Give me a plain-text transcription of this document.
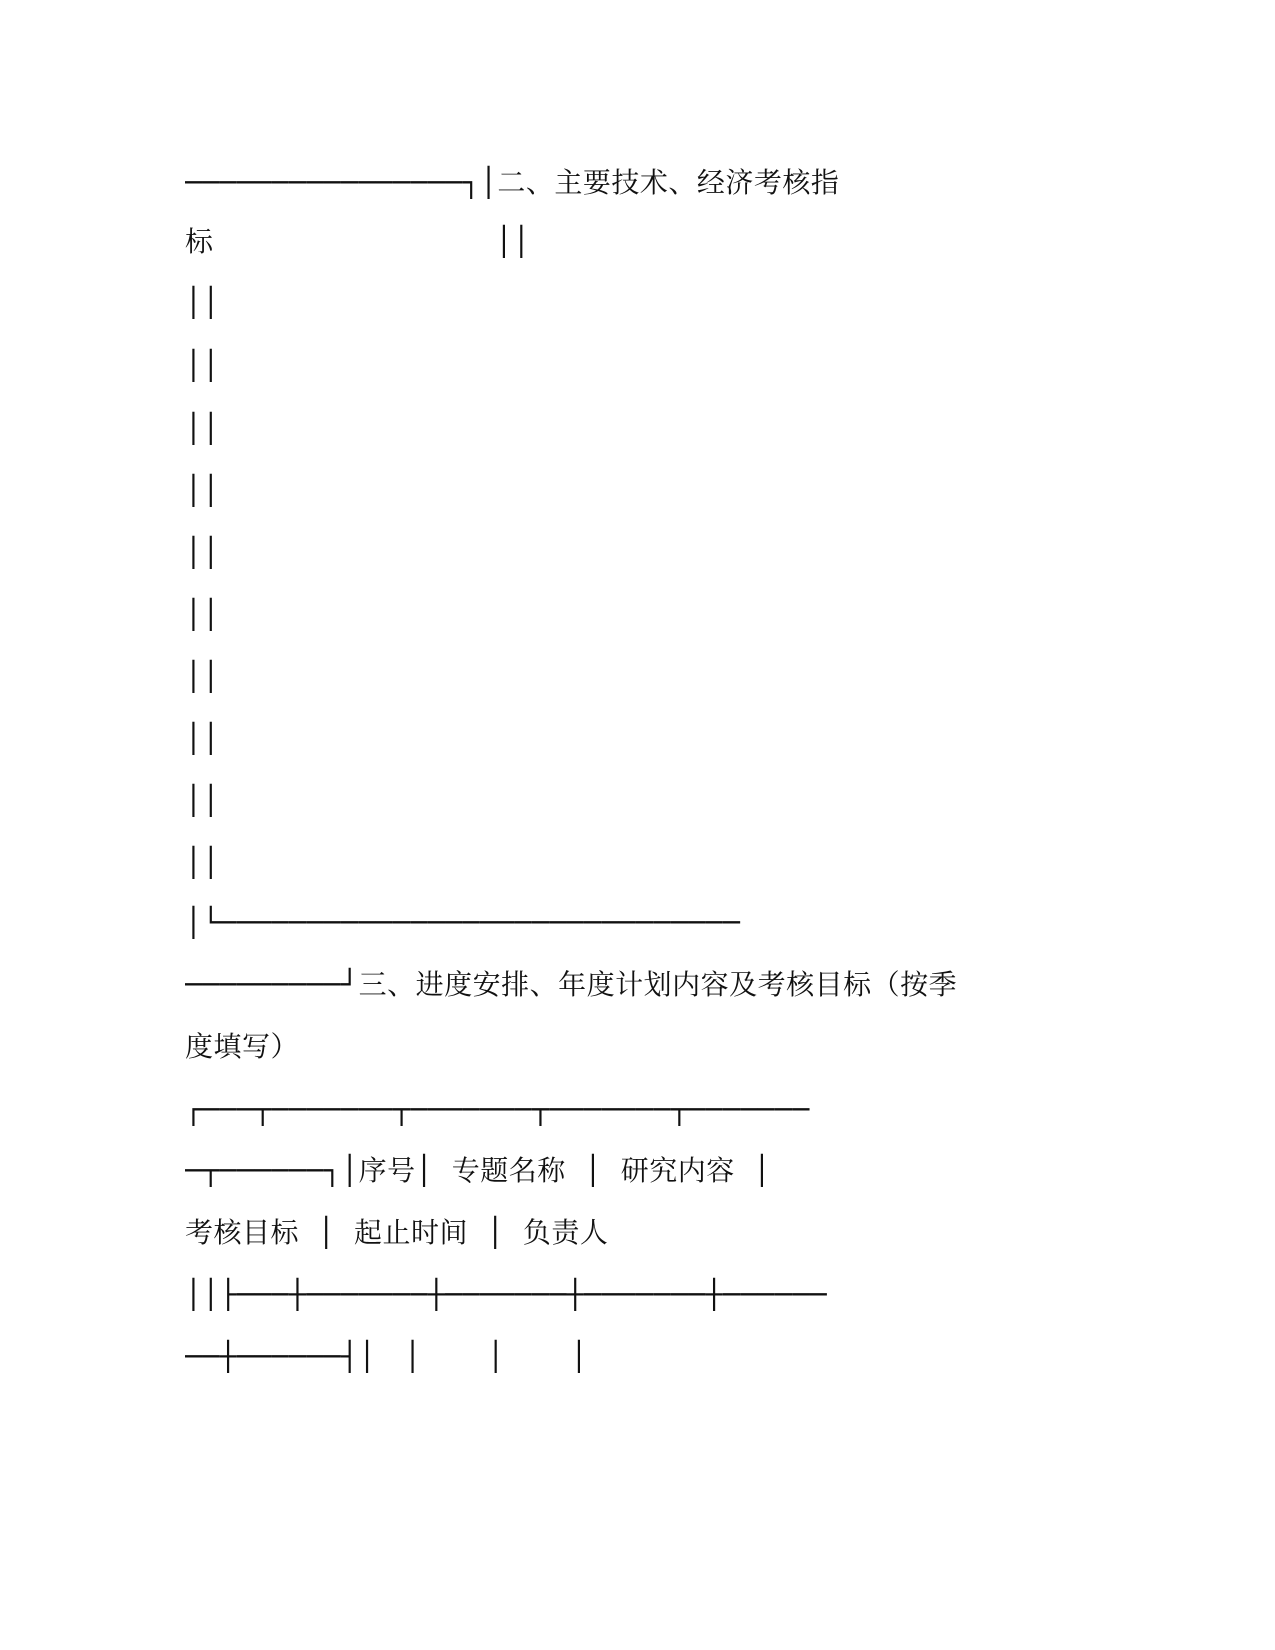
────────────────┐│二、主要技术、经济考核指
标                              ││
││
││
││
││
││
││
││
││
││
││
│└──────────────────────────────
─────────┘三、进度安排、年度计划内容及考核目标（按季
度填写）
┌───┬───────┬───────┬───────┬───────
─┬──────┐│序号│  专题名称  │  研究内容  │
考核目标  │  起止时间  │  负责人
││├───┼───────┼───────┼───────┼──────
──┼──────┤│   │       │       │
